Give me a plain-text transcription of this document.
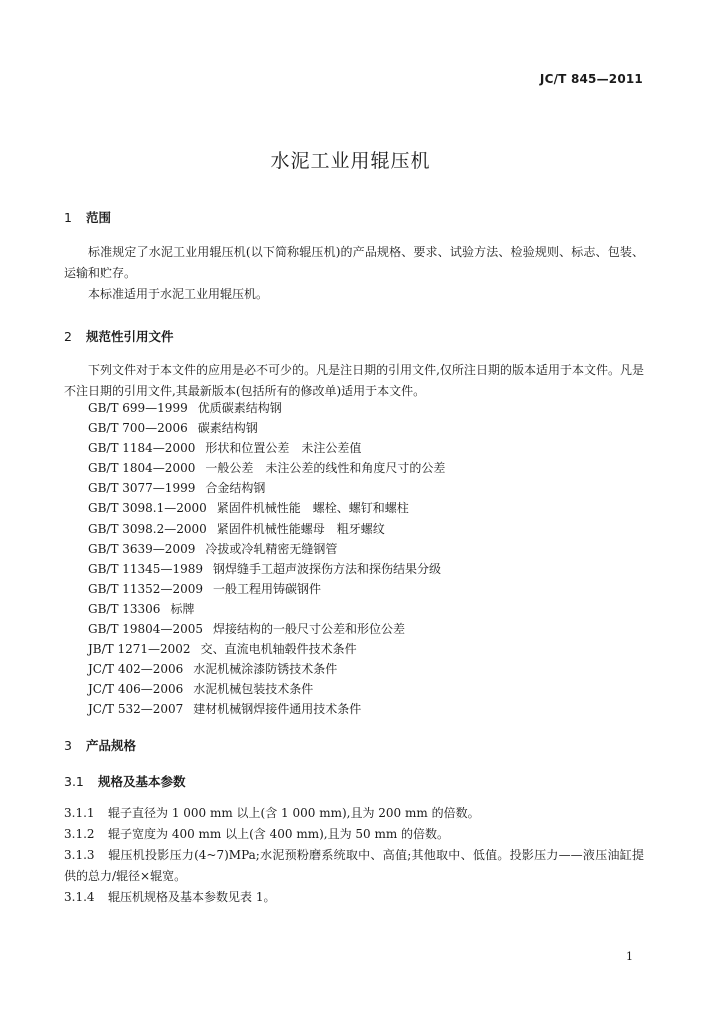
JC/T 845—2011
水泥工业用辊压机
1 范围
标准规定了水泥工业用辊压机(以下简称辊压机)的产品规格、要求、试验方法、检验规则、标志、包装、运输和贮存。
本标准适用于水泥工业用辊压机。
2 规范性引用文件
下列文件对于本文件的应用是必不可少的。凡是注日期的引用文件,仅所注日期的版本适用于本文件。凡是不注日期的引用文件,其最新版本(包括所有的修改单)适用于本文件。
GB/T 699—1999 优质碳素结构钢
GB/T 700—2006 碳素结构钢
GB/T 1184—2000 形状和位置公差　未注公差值
GB/T 1804—2000 一般公差　未注公差的线性和角度尺寸的公差
GB/T 3077—1999 合金结构钢
GB/T 3098.1—2000 紧固件机械性能　螺栓、螺钉和螺柱
GB/T 3098.2—2000 紧固件机械性能螺母　粗牙螺纹
GB/T 3639—2009 冷拔或冷轧精密无缝钢管
GB/T 11345—1989 钢焊缝手工超声波探伤方法和探伤结果分级
GB/T 11352—2009 一般工程用铸碳钢件
GB/T 13306 标牌
GB/T 19804—2005 焊接结构的一般尺寸公差和形位公差
JB/T 1271—2002 交、直流电机轴毂件技术条件
JC/T 402—2006 水泥机械涂漆防锈技术条件
JC/T 406—2006 水泥机械包装技术条件
JC/T 532—2007 建材机械钢焊接件通用技术条件
3 产品规格
3.1 规格及基本参数
3.1.1 辊子直径为 1 000 mm 以上(含 1 000 mm),且为 200 mm 的倍数。
3.1.2 辊子宽度为 400 mm 以上(含 400 mm),且为 50 mm 的倍数。
3.1.3 辊压机投影压力(4~7)MPa;水泥预粉磨系统取中、高值;其他取中、低值。投影压力——液压油缸提供的总力/辊径×辊宽。
3.1.4 辊压机规格及基本参数见表 1。
1
